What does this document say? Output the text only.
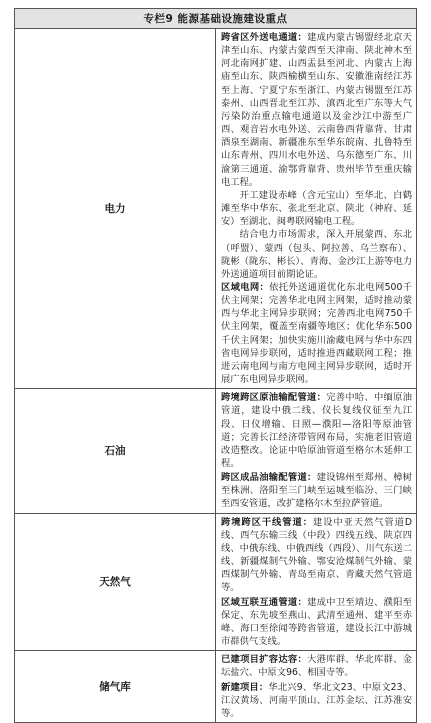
专栏9 能源基础设施建设重点	
电力	跨省区外送电通道：建成内蒙古锡盟经北京天津至山东、内蒙古蒙西至天津南、陕北神木至河北南网扩建、山西盂县至河北、内蒙古上海庙至山东、陕西榆横至山东、安徽淮南经江苏至上海、宁夏宁东至浙江、内蒙古锡盟至江苏泰州、山西晋北至江苏、滇西北至广东等大气污染防治重点输电通道以及金沙江中游至广西、观音岩水电外送、云南鲁西背靠背、甘肃酒泉至湖南、新疆准东至华东皖南、扎鲁特至山东青州、四川水电外送、乌东德至广东、川渝第三通道、渝鄂背靠背、贵州毕节至重庆输电工程。

开工建设赤峰（含元宝山）至华北、白鹤滩至华中华东、张北至北京、陕北（神府、延安）至湖北、闽粤联网输电工程。

结合电力市场需求，深入开展蒙西、东北（呼盟）、蒙西（包头、阿拉善、乌兰察布）、陇彬（陇东、彬长）、青海、金沙江上游等电力外送通道项目前期论证。

区域电网：依托外送通道优化东北电网500千伏主网架；完善华北电网主网架，适时推动蒙西与华北主网异步联网；完善西北电网750千伏主网架，覆盖至南疆等地区；优化华东500千伏主网架；加快实施川渝藏电网与华中东四省电网异步联网，适时推进西藏联网工程；推进云南电网与南方电网主网异步联网，适时开展广东电网异步联网。

石油	跨境跨区原油输配管道：完善中哈、中缅原油管道，建设中俄二线、仪长复线仪征至九江段、日仪增输、日照—濮阳—洛阳等原油管道；完善长江经济带管网布局，实施老旧管道改造整改。论证中哈原油管道至格尔木延伸工程。

跨区成品油输配管道：建设锦州至郑州、樟树至株洲、洛阳至三门峡至运城至临汾、三门峡至西安管道，改扩建格尔木至拉萨管道。

天然气	跨境跨区干线管道：建设中亚天然气管道D线、西气东输三线（中段）四线五线、陕京四线、中俄东线、中俄西线（西段）、川气东送二线、新疆煤制气外输、鄂安沧煤制气外输、蒙西煤制气外输、青岛至南京、青藏天然气管道等。

区域互联互通管道：建成中卫至靖边、濮阳至保定、东先坡至燕山、武清至通州、建平至赤峰、海口至徐闻等跨省管道，建设长江中游城市群供气支线。

储气库	已建项目扩容达容：大港库群、华北库群、金坛盐穴、中原文96、相国寺等。

新建项目：华北兴9、华北文23、中原文23、江汉黄场、河南平顶山、江苏金坛、江苏淮安等。
